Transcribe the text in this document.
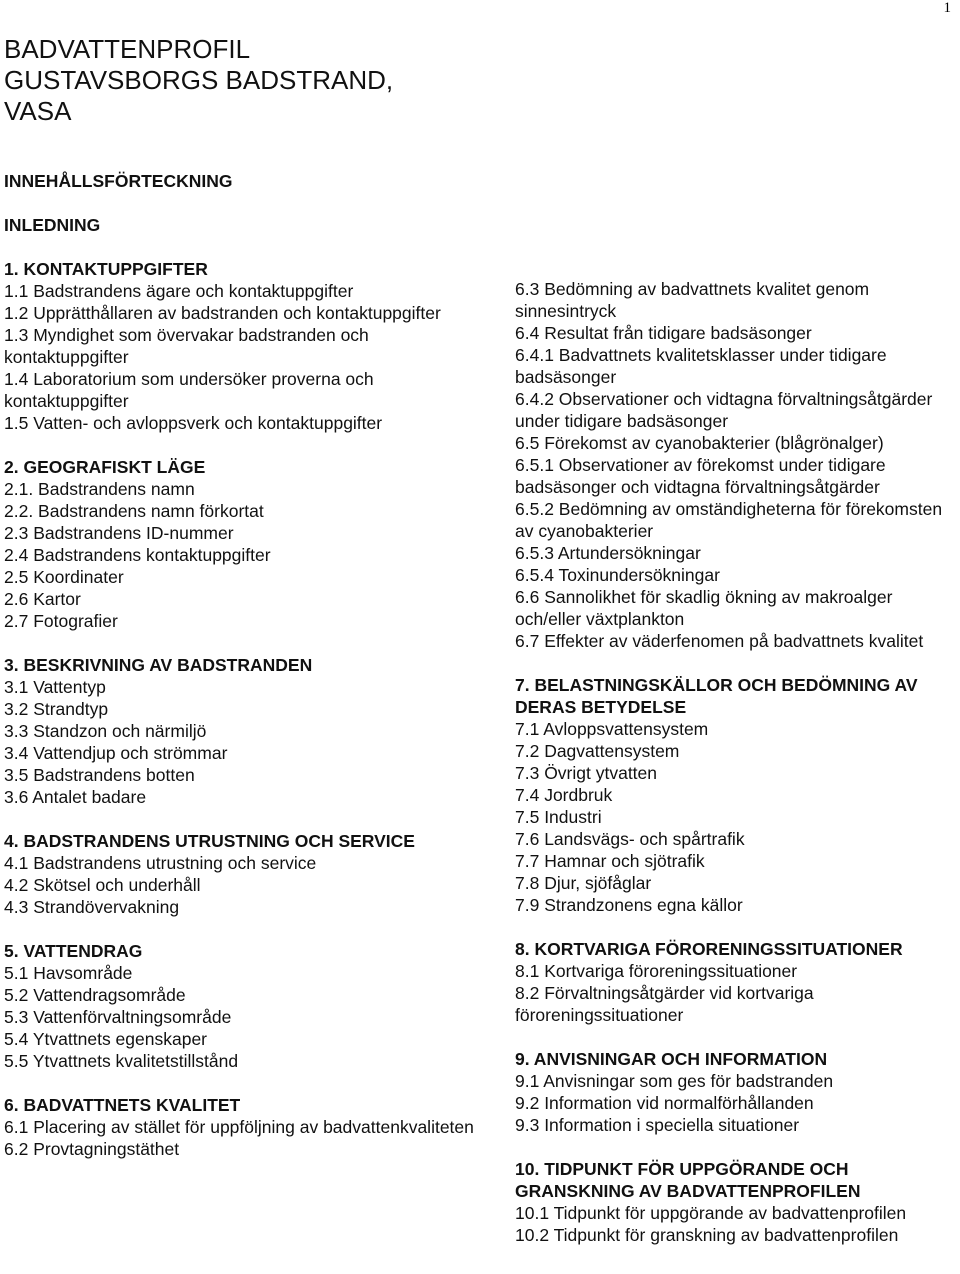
1
BADVATTENPROFIL
GUSTAVSBORGS BADSTRAND,
VASA
INNEHÅLLSFÖRTECKNING
INLEDNING
1. KONTAKTUPPGIFTER
1.1 Badstrandens ägare och kontaktuppgifter
1.2 Upprätthållaren av badstranden och kontaktuppgifter
1.3 Myndighet som övervakar badstranden och kontaktuppgifter
1.4 Laboratorium som undersöker proverna och kontaktuppgifter
1.5 Vatten- och avloppsverk och kontaktuppgifter
2. GEOGRAFISKT LÄGE
2.1. Badstrandens namn
2.2. Badstrandens namn förkortat
2.3 Badstrandens ID-nummer
2.4 Badstrandens kontaktuppgifter
2.5 Koordinater
2.6 Kartor
2.7 Fotografier
3. BESKRIVNING AV BADSTRANDEN
3.1 Vattentyp
3.2 Strandtyp
3.3 Standzon och närmiljö
3.4 Vattendjup och strömmar
3.5 Badstrandens botten
3.6 Antalet badare
4. BADSTRANDENS UTRUSTNING OCH SERVICE
4.1 Badstrandens utrustning och service
4.2 Skötsel och underhåll
4.3 Strandövervakning
5. VATTENDRAG
5.1 Havsområde
5.2 Vattendragsområde
5.3 Vattenförvaltningsområde
5.4 Ytvattnets egenskaper
5.5 Ytvattnets kvalitetstillstånd
6. BADVATTNETS KVALITET
6.1 Placering av stället för uppföljning av badvattenkvaliteten
6.2 Provtagningstäthet
6.3 Bedömning av badvattnets kvalitet genom sinnesintryck
6.4 Resultat från tidigare badsäsonger
6.4.1 Badvattnets kvalitetsklasser under tidigare badsäsonger
6.4.2 Observationer och vidtagna förvaltningsåtgärder under tidigare badsäsonger
6.5 Förekomst av cyanobakterier (blågrönalger)
6.5.1 Observationer av förekomst under tidigare badsäsonger och vidtagna förvaltningsåtgärder
6.5.2 Bedömning av omständigheterna för förekomsten av cyanobakterier
6.5.3 Artundersökningar
6.5.4 Toxinundersökningar
6.6 Sannolikhet för skadlig ökning av makroalger och/eller växtplankton
6.7 Effekter av väderfenomen på badvattnets kvalitet
7. BELASTNINGSKÄLLOR OCH BEDÖMNING AV DERAS BETYDELSE
7.1 Avloppsvattensystem
7.2 Dagvattensystem
7.3 Övrigt ytvatten
7.4 Jordbruk
7.5 Industri
7.6 Landsvägs- och spårtrafik
7.7 Hamnar och sjötrafik
7.8 Djur, sjöfåglar
7.9 Strandzonens egna källor
8. KORTVARIGA FÖRORENINGSSITUATIONER
8.1 Kortvariga föroreningssituationer
8.2 Förvaltningsåtgärder vid kortvariga föroreningssituationer
9. ANVISNINGAR OCH INFORMATION
9.1 Anvisningar som ges för badstranden
9.2 Information vid normalförhållanden
9.3 Information i speciella situationer
10. TIDPUNKT FÖR UPPGÖRANDE OCH GRANSKNING AV BADVATTENPROFILEN
10.1 Tidpunkt för uppgörande av badvattenprofilen
10.2 Tidpunkt för granskning av badvattenprofilen
